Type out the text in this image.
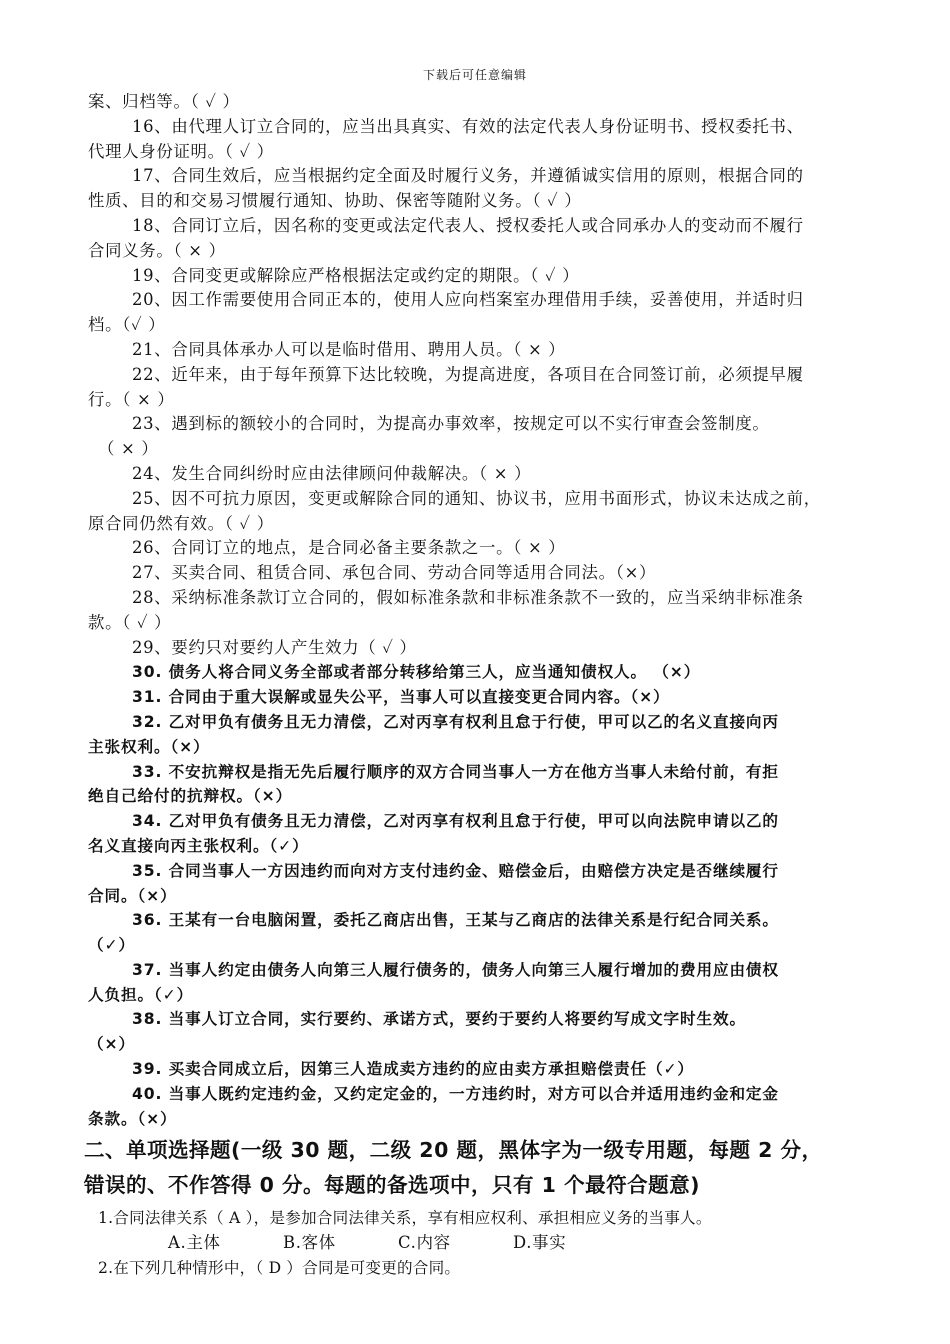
下载后可任意编辑
案、归档等。（ ✓ ）
16、由代理人订立合同的，应当出具真实、有效的法定代表人身份证明书、授权委托书、
代理人身份证明。（ ✓ ）
17、合同生效后，应当根据约定全面及时履行义务，并遵循诚实信用的原则，根据合同的
性质、目的和交易习惯履行通知、协助、保密等随附义务。（ ✓ ）
18、合同订立后，因名称的变更或法定代表人、授权委托人或合同承办人的变动而不履行
合同义务。（ × ）
19、合同变更或解除应严格根据法定或约定的期限。（ ✓ ）
20、因工作需要使用合同正本的，使用人应向档案室办理借用手续，妥善使用，并适时归
档。（✓ ）
21、合同具体承办人可以是临时借用、聘用人员。（ × ）
22、近年来，由于每年预算下达比较晚，为提高进度，各项目在合同签订前，必须提早履
行。（ × ）
23、遇到标的额较小的合同时，为提高办事效率，按规定可以不实行审查会签制度。
（ × ）
24、发生合同纠纷时应由法律顾问仲裁解决。（ × ）
25、因不可抗力原因，变更或解除合同的通知、协议书，应用书面形式，协议未达成之前，
原合同仍然有效。（ ✓ ）
26、合同订立的地点，是合同必备主要条款之一。（ × ）
27、买卖合同、租赁合同、承包合同、劳动合同等适用合同法。（×）
28、采纳标准条款订立合同的，假如标准条款和非标准条款不一致的，应当采纳非标准条
款。（ ✓ ）
29、要约只对要约人产生效力（ ✓ ）
30. 债务人将合同义务全部或者部分转移给第三人，应当通知债权人。 （×）
31. 合同由于重大误解或显失公平，当事人可以直接变更合同内容。（×）
32. 乙对甲负有债务且无力清偿，乙对丙享有权利且怠于行使，甲可以乙的名义直接向丙
主张权利。（×）
33. 不安抗辩权是指无先后履行顺序的双方合同当事人一方在他方当事人未给付前，有拒
绝自己给付的抗辩权。（×）
34. 乙对甲负有债务且无力清偿，乙对丙享有权利且怠于行使，甲可以向法院申请以乙的
名义直接向丙主张权利。（✓）
35. 合同当事人一方因违约而向对方支付违约金、赔偿金后，由赔偿方决定是否继续履行
合同。（×）
36. 王某有一台电脑闲置，委托乙商店出售，王某与乙商店的法律关系是行纪合同关系。
（✓）
37. 当事人约定由债务人向第三人履行债务的，债务人向第三人履行增加的费用应由债权
人负担。（✓）
38. 当事人订立合同，实行要约、承诺方式，要约于要约人将要约写成文字时生效。
（×）
39. 买卖合同成立后，因第三人造成卖方违约的应由卖方承担赔偿责任（✓）
40. 当事人既约定违约金，又约定定金的，一方违约时，对方可以合并适用违约金和定金
条款。（×）
二、单项选择题(一级 30 题，二级 20 题，黑体字为一级专用题，每题 2 分，
错误的、不作答得 0 分。每题的备选项中，只有 1 个最符合题意)
1.合同法律关系（ A ），是参加合同法律关系，享有相应权利、承担相应义务的当事人。
A.主体	B.客体	C.内容	D.事实
2.在下列几种情形中，（ D ）合同是可变更的合同。
